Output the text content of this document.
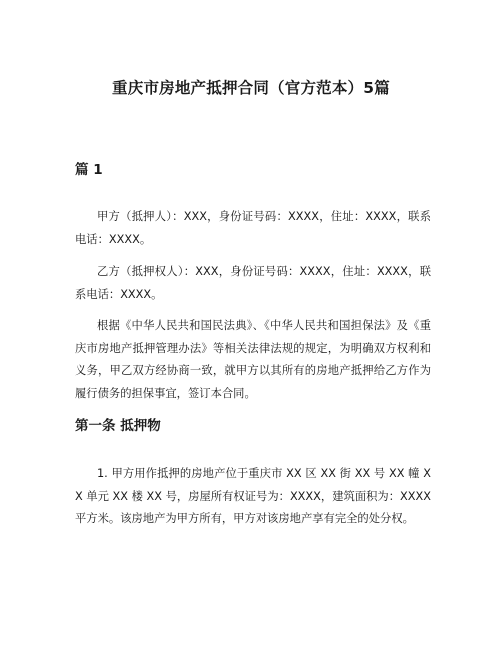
重庆市房地产抵押合同（官方范本）5篇
篇 1

甲方（抵押人）：XXX，身份证号码：XXXX，住址：XXXX，联系电话：XXXX。

乙方（抵押权人）：XXX，身份证号码：XXXX，住址：XXXX，联系电话：XXXX。

根据《中华人民共和国民法典》、《中华人民共和国担保法》及《重庆市房地产抵押管理办法》等相关法律法规的规定，为明确双方权利和义务，甲乙双方经协商一致，就甲方以其所有的房地产抵押给乙方作为履行债务的担保事宜，签订本合同。

第一条 抵押物

1. 甲方用作抵押的房地产位于重庆市 XX 区 XX 街 XX 号 XX 幢 XX 单元 XX 楼 XX 号，房屋所有权证号为：XXXX，建筑面积为：XXXX 平方米。该房地产为甲方所有，甲方对该房地产享有完全的处分权。
